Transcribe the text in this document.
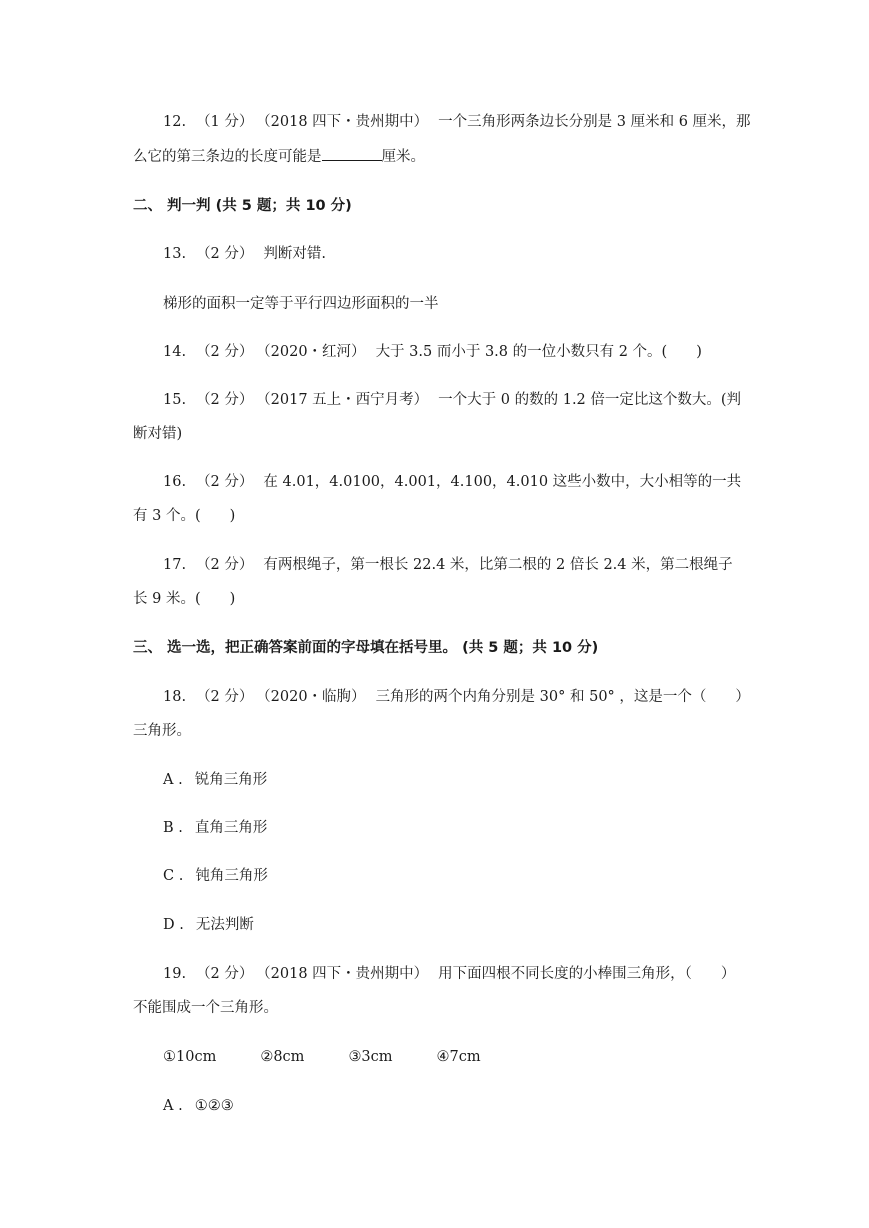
12. （1 分） （2018 四下・贵州期中） 一个三角形两条边长分别是 3 厘米和 6 厘米，那
么它的第三条边的长度可能是	厘米。
二、 判一判 (共 5 题；共 10 分)
13. （2 分） 判断对错.
梯形的面积一定等于平行四边形面积的一半
14. （2 分） （2020・红河） 大于 3.5 而小于 3.8 的一位小数只有 2 个。(　　)
15. （2 分） （2017 五上・西宁月考） 一个大于 0 的数的 1.2 倍一定比这个数大。(判
断对错)
16. （2 分） 在 4.01，4.0100，4.001，4.100，4.010 这些小数中，大小相等的一共
有 3 个。(　　)
17. （2 分） 有两根绳子，第一根长 22.4 米，比第二根的 2 倍长 2.4 米，第二根绳子
长 9 米。(　　)
三、 选一选，把正确答案前面的字母填在括号里。 (共 5 题；共 10 分)
18. （2 分） （2020・临朐） 三角形的两个内角分别是 30° 和 50° ，这是一个（　　）
三角形。
A . 锐角三角形
B . 直角三角形
C . 钝角三角形
D . 无法判断
19. （2 分） （2018 四下・贵州期中） 用下面四根不同长度的小棒围三角形，（　　）
不能围成一个三角形。
①10cm	②8cm	③3cm	④7cm
A . ①②③
